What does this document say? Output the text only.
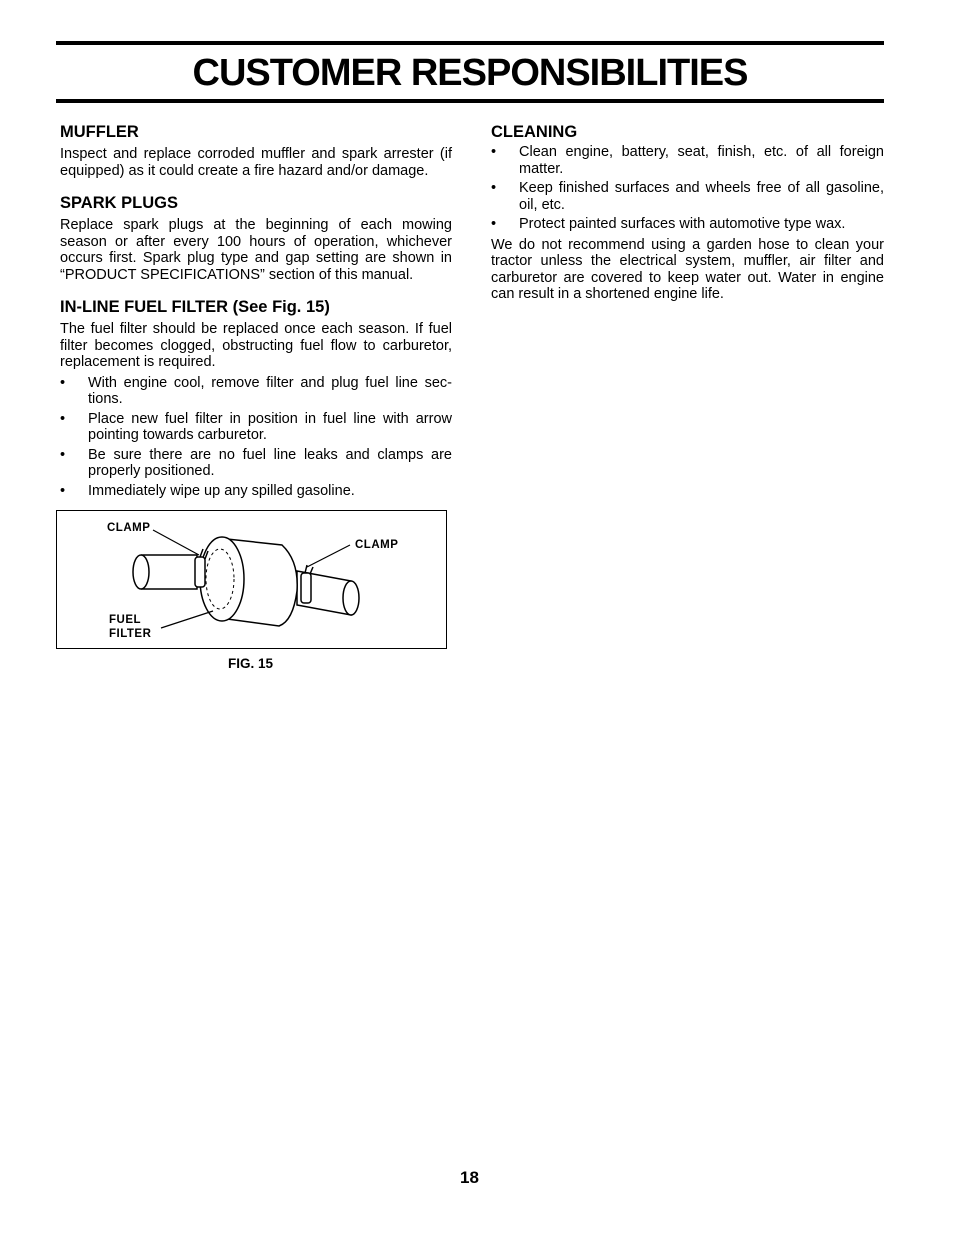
CUSTOMER RESPONSIBILITIES
MUFFLER

Inspect and replace corroded muffler and spark arrester (if equipped) as it could create a fire hazard and/or damage.

SPARK PLUGS

Replace spark plugs at the beginning of each mowing season or after every 100 hours of operation, whichever occurs first. Spark plug type and gap setting are shown in “PRODUCT SPECIFICATIONS” section of this manual.

IN-LINE FUEL FILTER (See Fig. 15)

The fuel filter should be replaced once each season. If fuel filter becomes clogged, obstructing fuel flow to carburetor, replacement is required.

• With engine cool, remove filter and plug fuel line sec-tions.
• Place new fuel filter in position in fuel line with arrow pointing towards carburetor.
• Be sure there are no fuel line leaks and clamps are properly positioned.
• Immediately wipe up any spilled gasoline.
CLAMP
CLAMP
FUEL
FILTER
FIG. 15
CLEANING
• Clean engine, battery, seat, finish, etc. of all foreign matter.
• Keep finished surfaces and wheels free of all gasoline, oil, etc.
• Protect painted surfaces with automotive type wax.

We do not recommend using a garden hose to clean your tractor unless the electrical system, muffler, air filter and carburetor are covered to keep water out. Water in engine can result in a shortened engine life.

18
